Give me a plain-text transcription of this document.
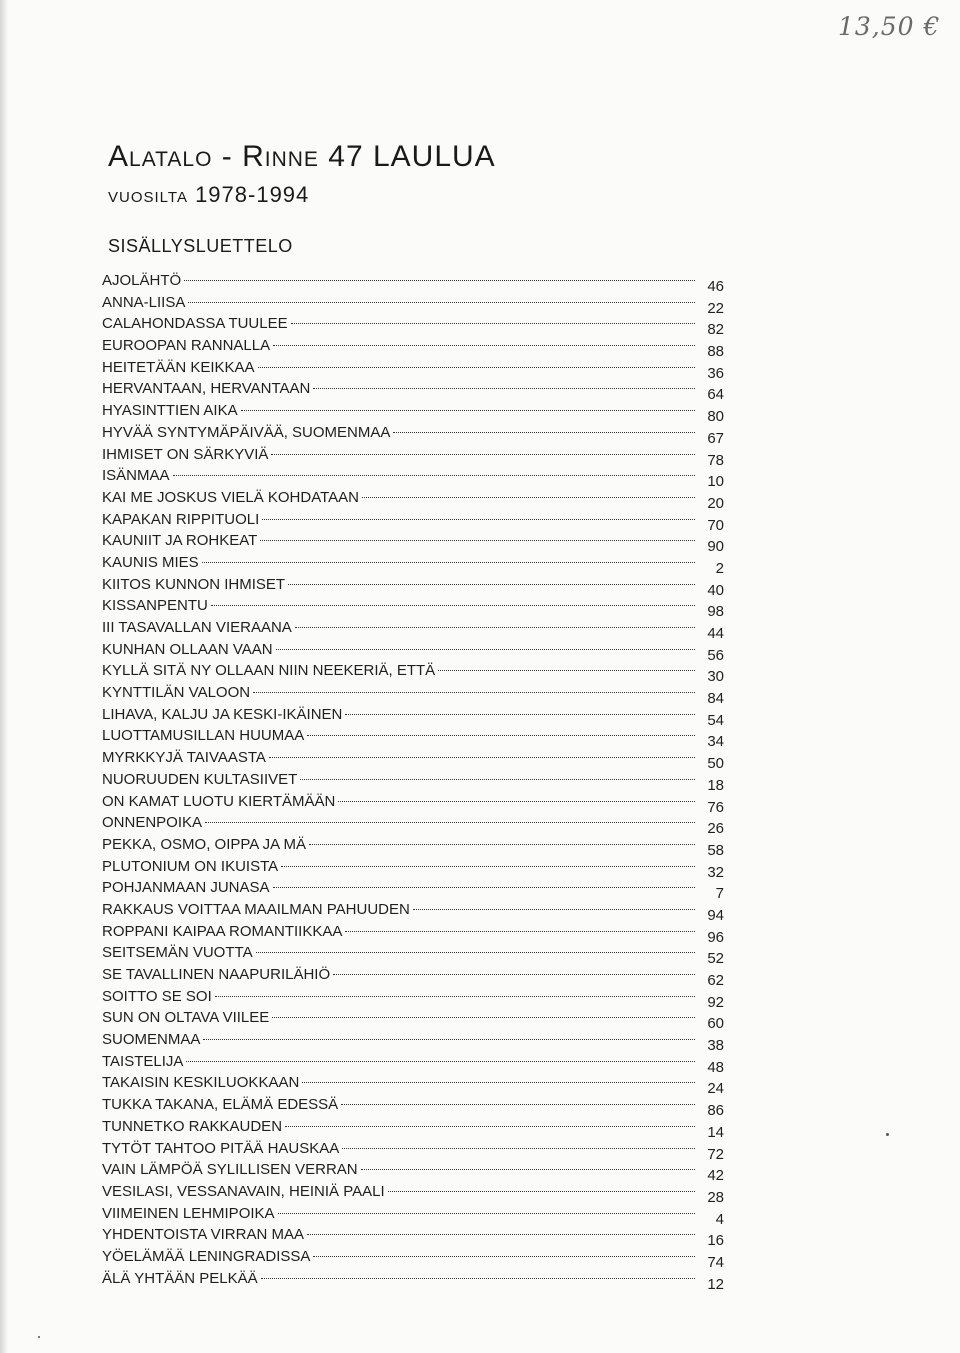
13,50 €
Alatalo - Rinne 47 LAULUA
vuosilta 1978-1994
SISÄLLYSLUETTELO
AJOLÄHTÖ	46
ANNA-LIISA	22
CALAHONDASSA TUULEE	82
EUROOPAN RANNALLA	88
HEITETÄÄN KEIKKAA	36
HERVANTAAN, HERVANTAAN	64
HYASINTTIEN AIKA	80
HYVÄÄ SYNTYMÄPÄIVÄÄ, SUOMENMAA	67
IHMISET ON SÄRKYVIÄ	78
ISÄNMAA	10
KAI ME JOSKUS VIELÄ KOHDATAAN	20
KAPAKAN RIPPITUOLI	70
KAUNIIT JA ROHKEAT	90
KAUNIS MIES	2
KIITOS KUNNON IHMISET	40
KISSANPENTU	98
III TASAVALLAN VIERAANA	44
KUNHAN OLLAAN VAAN	56
KYLLÄ SITÄ NY OLLAAN NIIN NEEKERIÄ, ETTÄ	30
KYNTTILÄN VALOON	84
LIHAVA, KALJU JA KESKI-IKÄINEN	54
LUOTTAMUSILLAN HUUMAA	34
MYRKKYJÄ TAIVAASTA	50
NUORUUDEN KULTASIIVET	18
ON KAMAT LUOTU KIERTÄMÄÄN	76
ONNENPOIKA	26
PEKKA, OSMO, OIPPA JA MÄ	58
PLUTONIUM ON IKUISTA	32
POHJANMAAN JUNASA	7
RAKKAUS VOITTAA MAAILMAN PAHUUDEN	94
ROPPANI KAIPAA ROMANTIIKKAA	96
SEITSEMÄN VUOTTA	52
SE TAVALLINEN NAAPURILÄHIÖ	62
SOITTO SE SOI	92
SUN ON OLTAVA VIILEE	60
SUOMENMAA	38
TAISTELIJA	48
TAKAISIN KESKILUOKKAAN	24
TUKKA TAKANA, ELÄMÄ EDESSÄ	86
TUNNETKO RAKKAUDEN	14
TYTÖT TAHTOO PITÄÄ HAUSKAA	72
VAIN LÄMPÖÄ SYLILLISEN VERRAN	42
VESILASI, VESSANAVAIN, HEINIÄ PAALI	28
VIIMEINEN LEHMIPOIKA	4
YHDENTOISTA VIRRAN MAA	16
YÖELÄMÄÄ LENINGRADISSA	74
ÄLÄ YHTÄÄN PELKÄÄ	12
